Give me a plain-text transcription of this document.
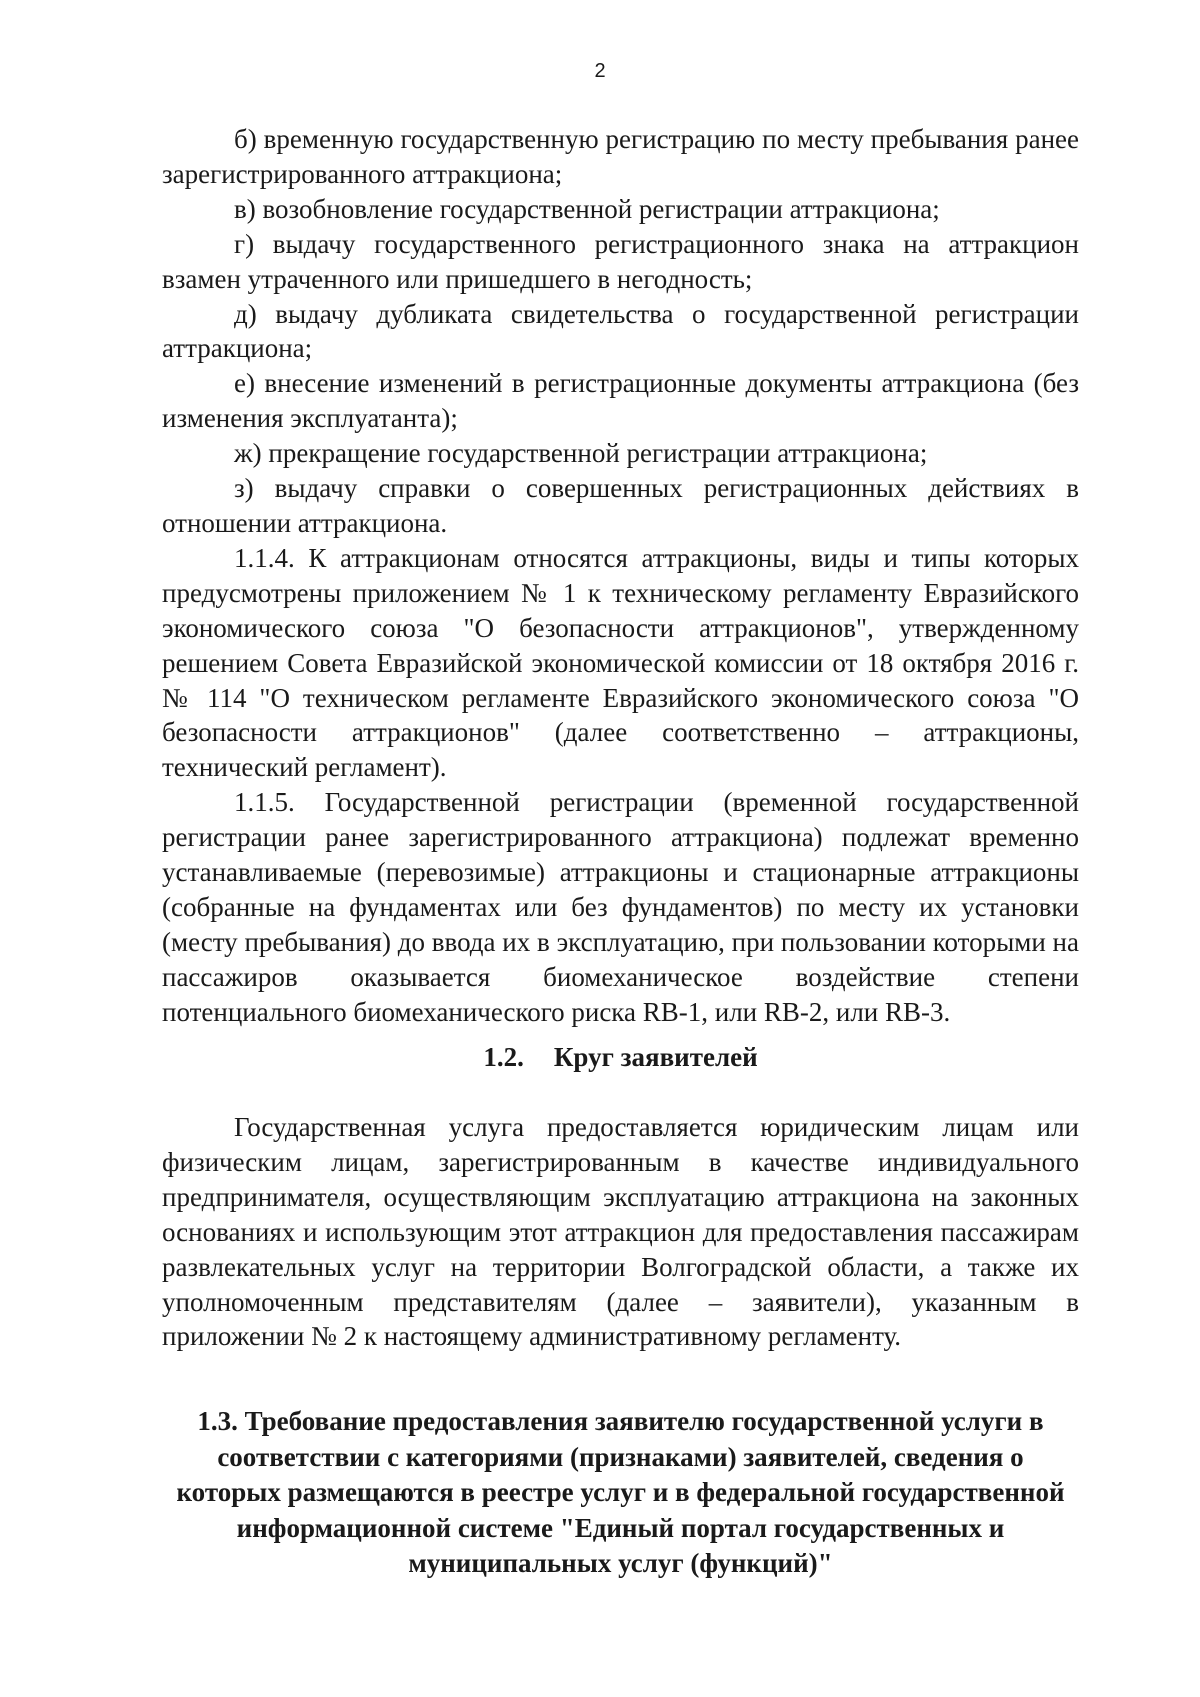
2

б) временную государственную регистрацию по месту пребывания ранее зарегистрированного аттракциона;

в) возобновление государственной регистрации аттракциона;

г) выдачу государственного регистрационного знака на аттракцион взамен утраченного или пришедшего в негодность;

д) выдачу дубликата свидетельства о государственной регистрации аттракциона;

е) внесение изменений в регистрационные документы аттракциона (без изменения эксплуатанта);

ж) прекращение государственной регистрации аттракциона;

з) выдачу справки о совершенных регистрационных действиях в отношении аттракциона.

1.1.4. К аттракционам относятся аттракционы, виды и типы которых предусмотрены приложением № 1 к техническому регламенту Евразийского экономического союза "О безопасности аттракционов", утвержденному решением Совета Евразийской экономической комиссии от 18 октября 2016 г. № 114 "О техническом регламенте Евразийского экономического союза "О безопасности аттракционов" (далее соответственно – аттракционы, технический регламент).

1.1.5. Государственной регистрации (временной государственной регистрации ранее зарегистрированного аттракциона) подлежат временно устанавливаемые (перевозимые) аттракционы и стационарные аттракционы (собранные на фундаментах или без фундаментов) по месту их установки (месту пребывания) до ввода их в эксплуатацию, при пользовании которыми на пассажиров оказывается биомеханическое воздействие степени потенциального биомеханического риска RB-1, или RB-2, или RB-3.

1.2. Круг заявителей

Государственная услуга предоставляется юридическим лицам или физическим лицам, зарегистрированным в качестве индивидуального предпринимателя, осуществляющим эксплуатацию аттракциона на законных основаниях и использующим этот аттракцион для предоставления пассажирам развлекательных услуг на территории Волгоградской области, а также их уполномоченным представителям (далее – заявители), указанным в приложении № 2 к настоящему административному регламенту.

1.3. Требование предоставления заявителю государственной услуги в соответствии с категориями (признаками) заявителей, сведения о которых размещаются в реестре услуг и в федеральной государственной информационной системе "Единый портал государственных и муниципальных услуг (функций)"
